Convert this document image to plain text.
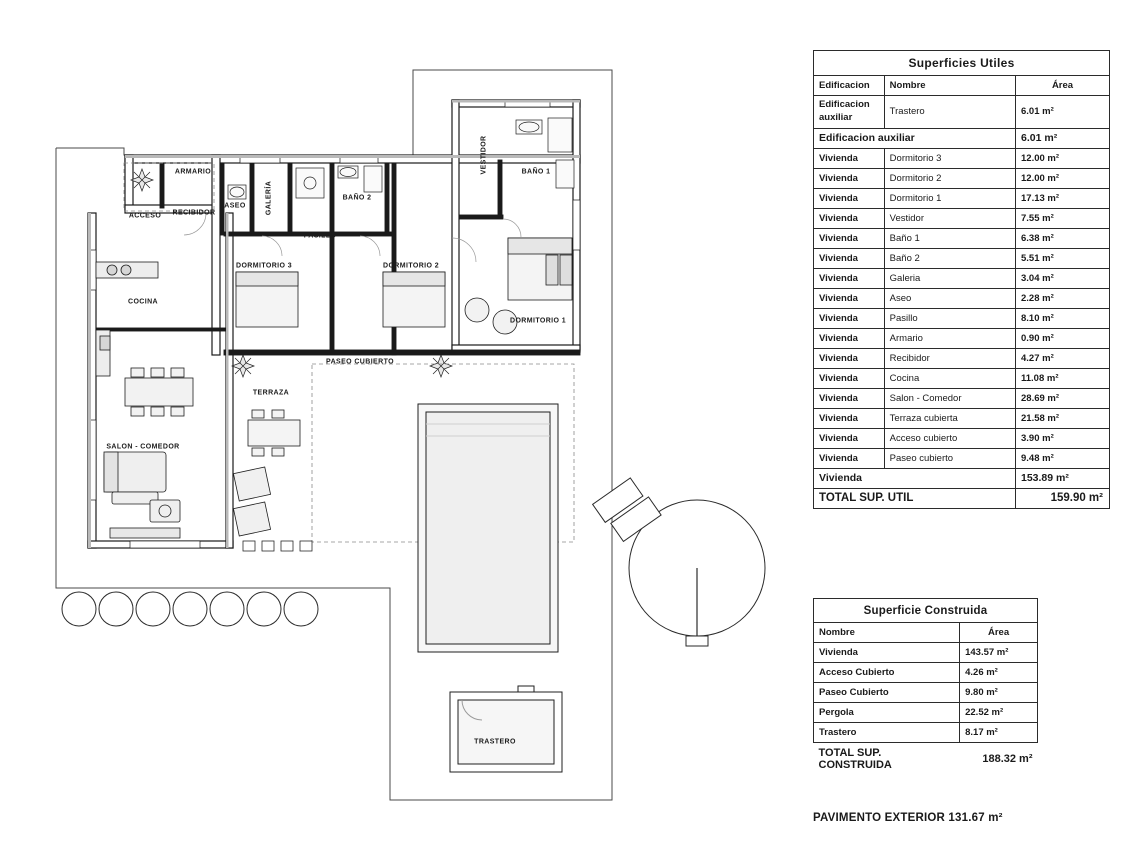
ARMARIO
ACCESO RECIBIDOR
ASEO	GALERÍA	BAÑO 2
VESTIDOR	BAÑO 1
PASILLO
DORMITORIO 3	DORMITORIO 2
DORMITORIO 1
COCINA
SALON - COMEDOR
TERRAZA
PASEO CUBIERTO
TRASTERO
Superficies Utiles		
Edificacion	Nombre	Área
Edificacion auxiliar	Trastero	6.01 m²
Edificacion auxiliar		6.01 m²
Vivienda	Dormitorio 3	12.00 m²
Vivienda	Dormitorio 2	12.00 m²
Vivienda	Dormitorio 1	17.13 m²
Vivienda	Vestidor	7.55 m²
Vivienda	Baño 1	6.38 m²
Vivienda	Baño 2	5.51 m²
Vivienda	Galeria	3.04 m²
Vivienda	Aseo	2.28 m²
Vivienda	Pasillo	8.10 m²
Vivienda	Armario	0.90 m²
Vivienda	Recibidor	4.27 m²
Vivienda	Cocina	11.08 m²
Vivienda	Salon - Comedor	28.69 m²
Vivienda	Terraza cubierta	21.58 m²
Vivienda	Acceso cubierto	3.90 m²
Vivienda	Paseo cubierto	9.48 m²
Vivienda		153.89 m²
TOTAL SUP. UTIL		159.90 m²
Superficie Construida	
Nombre	Área
Vivienda	143.57 m²
Acceso Cubierto	4.26 m²
Paseo Cubierto	9.80 m²
Pergola	22.52 m²
Trastero	8.17 m²
TOTAL SUP. CONSTRUIDA	188.32 m²
PAVIMENTO EXTERIOR 131.67 m²
